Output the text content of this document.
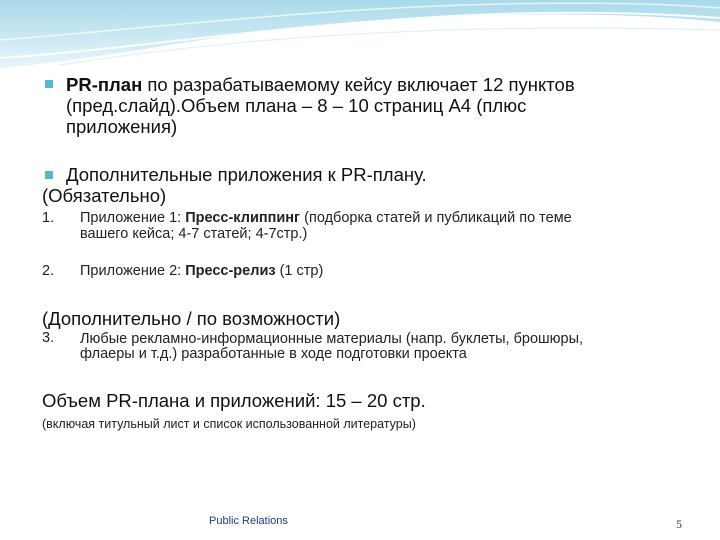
PR-план по разрабатываемому кейсу включает 12 пунктов
(пред.слайд).Объем плана – 8 – 10 страниц А4 (плюс
приложения)
Дополнительные приложения к PR-плану.
(Обязательно)
1. Приложение 1: Пресс-клиппинг (подборка статей и публикаций по теме
вашего кейса; 4-7 статей; 4-7стр.)
2. Приложение 2: Пресс-релиз (1 стр)
(Дополнительно / по возможности)
3. Любые рекламно-информационные материалы (напр. буклеты, брошюры,
флаеры и т.д.) разработанные в ходе подготовки проекта
Объем PR-плана и приложений: 15 – 20 стр.
(включая титульный лист и список использованной литературы)
Public Relations	5
